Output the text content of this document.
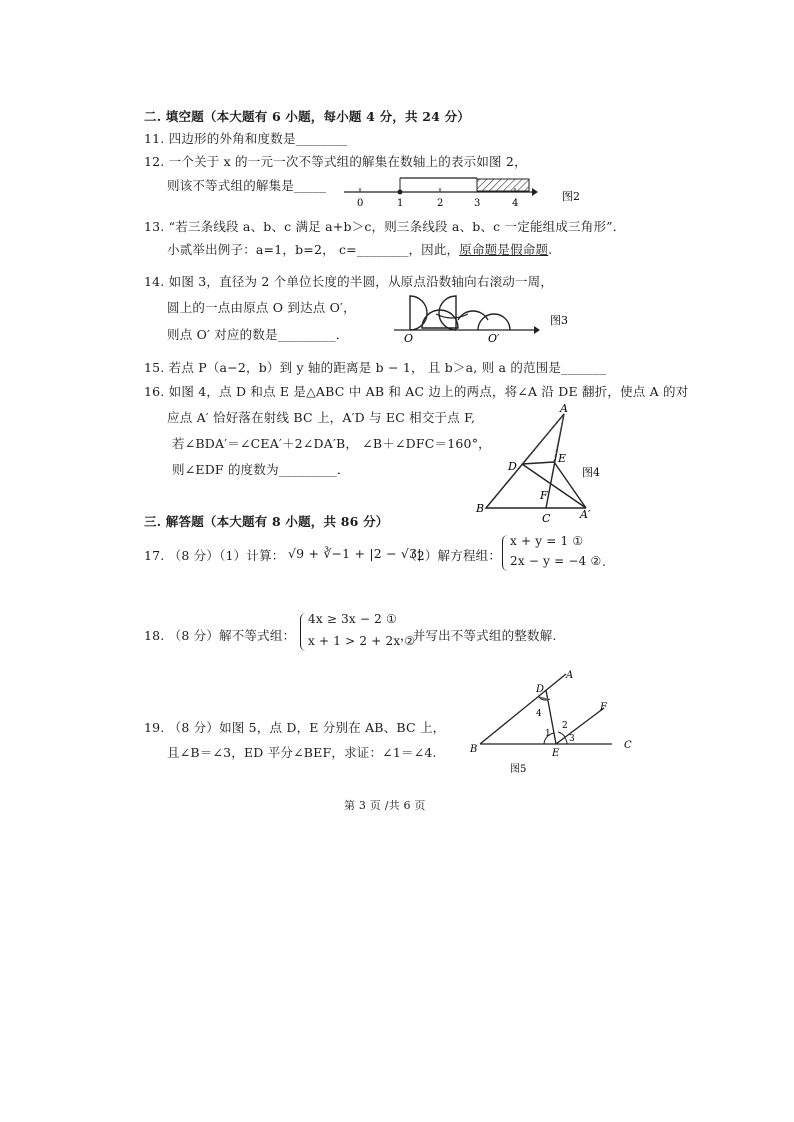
二. 填空题（本大题有 6 小题，每小题 4 分，共 24 分）
11. 四边形的外角和度数是________
12. 一个关于 x 的一元一次不等式组的解集在数轴上的表示如图 2，
则该不等式组的解集是_____
0	1	2	3	4
图2
13. “若三条线段 a、b、c 满足 a+b＞c，则三条线段 a、b、c 一定能组成三角形”．
小贰举出例子：a=1，b=2， c=________，因此，原命题是假命题.
14. 如图 3，直径为 2 个单位长度的半圆，从原点沿数轴向右滚动一周，
圆上的一点由原点 O 到达点 O′，
则点 O′ 对应的数是_________．	O	O′
图3
15. 若点 P（a−2，b）到 y 轴的距离是 b − 1， 且 b＞a, 则 a 的范围是_______
16. 如图 4，点 D 和点 E 是△ABC 中 AB 和 AC 边上的两点，将∠A 沿 DE 翻折，使点 A 的对
应点 A′ 恰好落在射线 BC 上，A′D 与 EC 相交于点 F,
若∠BDA′＝∠CEA′＋2∠DA′B， ∠B＋∠DFC＝160°，
则∠EDF 的度数为_________．
A
D
E
F
B
C	A′
图4
三. 解答题（本大题有 8 小题，共 86 分）
17. （8 分）（1）计算： √9 + ∛−1 + |2 − √3|
（2）解方程组：
x + y = 1 ①
2x − y = −4 ② .
18. （8 分）解不等式组：
4x ≥ 3x − 2 ①
x + 1 > 2 + 2x ②
，并写出不等式组的整数解.
19. （8 分）如图 5，点 D，E 分别在 AB、BC 上，
且∠B＝∠3，ED 平分∠BEF，求证：∠1＝∠4.
A
D
4
2
1 3
F
B	E
C
图5
第 3 页 /共 6 页
